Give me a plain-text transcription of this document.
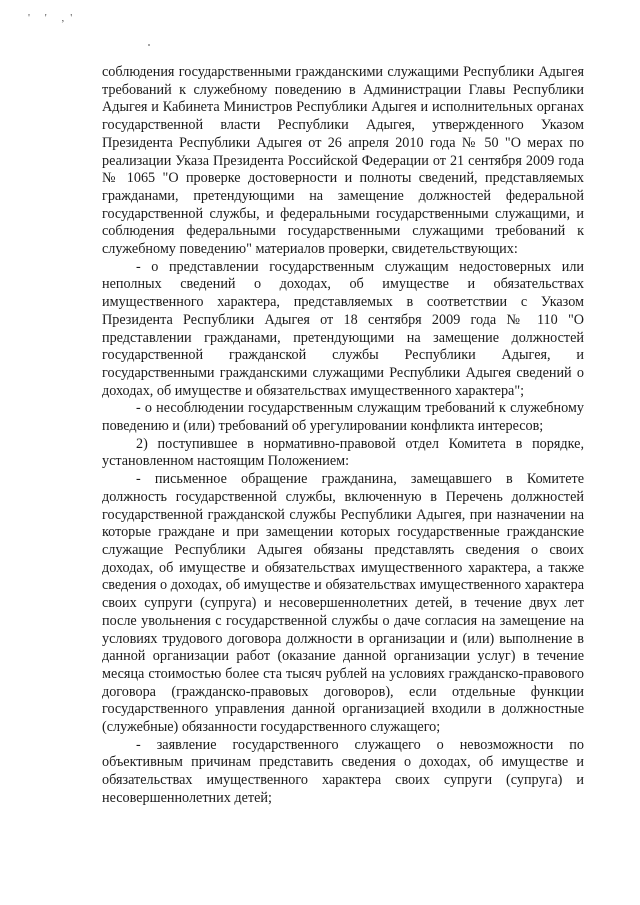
' ' ,'

соблюдения государственными гражданскими служащими Республики Адыгея требований к служебному поведению в Администрации Главы Республики Адыгея и Кабинета Министров Республики Адыгея и исполнительных органах государственной власти Республики Адыгея, утвержденного Указом Президента Республики Адыгея от 26 апреля 2010 года № 50 "О мерах по реализации Указа Президента Российской Федерации от 21 сентября 2009 года № 1065 "О проверке достоверности и полноты сведений, представляемых гражданами, претендующими на замещение должностей федеральной государственной службы, и федеральными государственными служащими, и соблюдения федеральными государственными служащими требований к служебному поведению" материалов проверки, свидетельствующих:

- о представлении государственным служащим недостоверных или неполных сведений о доходах, об имуществе и обязательствах имущественного характера, представляемых в соответствии с Указом Президента Республики Адыгея от 18 сентября 2009 года № 110 "О представлении гражданами, претендующими на замещение должностей государственной гражданской службы Республики Адыгея, и государственными гражданскими служащими Республики Адыгея сведений о доходах, об имуществе и обязательствах имущественного характера";

- о несоблюдении государственным служащим требований к служебному поведению и (или) требований об урегулировании конфликта интересов;

2) поступившее в нормативно-правовой отдел Комитета в порядке, установленном настоящим Положением:

- письменное обращение гражданина, замещавшего в Комитете должность государственной службы, включенную в Перечень должностей государственной гражданской службы Республики Адыгея, при назначении на которые граждане и при замещении которых государственные гражданские служащие Республики Адыгея обязаны представлять сведения о своих доходах, об имуществе и обязательствах имущественного характера, а также сведения о доходах, об имуществе и обязательствах имущественного характера своих супруги (супруга) и несовершеннолетних детей, в течение двух лет после увольнения с государственной службы о даче согласия на замещение на условиях трудового договора должности в организации и (или) выполнение в данной организации работ (оказание данной организации услуг) в течение месяца стоимостью более ста тысяч рублей на условиях гражданско-правового договора (гражданско-правовых договоров), если отдельные функции государственного управления данной организацией входили в должностные (служебные) обязанности государственного служащего;

- заявление государственного служащего о невозможности по объективным причинам представить сведения о доходах, об имуществе и обязательствах имущественного характера своих супруги (супруга) и несовершеннолетних детей;
